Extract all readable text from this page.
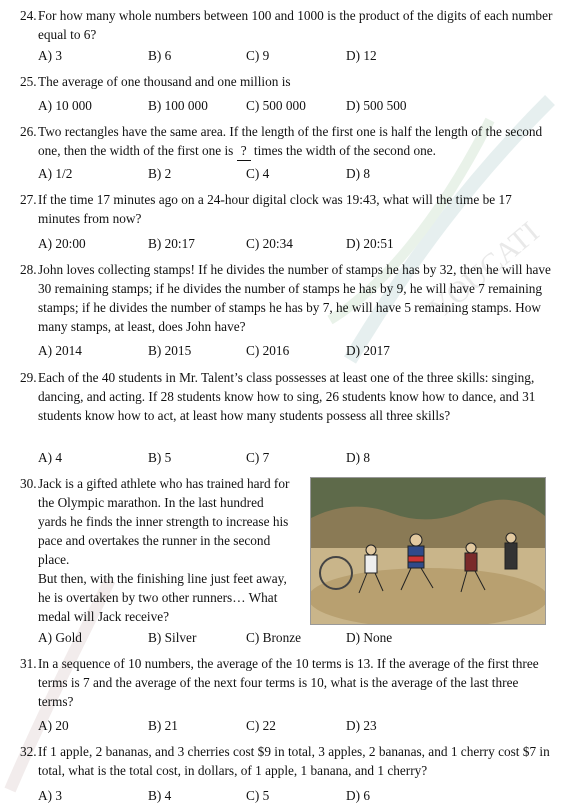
YOUCATI
24. For how many whole numbers between 100 and 1000 is the product of the digits of each number equal to 6?
A) 3	B) 6	C) 9	D) 12
25. The average of one thousand and one million is
A) 10 000	B) 100 000	C) 500 000	D) 500 500
26. Two rectangles have the same area. If the length of the first one is half the length of the second one, then the width of the first one is ? times the width of the second one.
A) 1/2	B) 2	C) 4	D) 8
27. If the time 17 minutes ago on a 24-hour digital clock was 19:43, what will the time be 17 minutes from now?
A) 20:00	B) 20:17	C) 20:34	D) 20:51
28. John loves collecting stamps! If he divides the number of stamps he has by 32, then he will have 30 remaining stamps; if he divides the number of stamps he has by 9, he will have 7 remaining stamps; if he divides the number of stamps he has by 7, he will have 5 remaining stamps. How many stamps, at least, does John have?
A) 2014	B) 2015	C) 2016	D) 2017
29. Each of the 40 students in Mr. Talent’s class possesses at least one of the three skills: singing, dancing, and acting. If 28 students know how to sing, 26 students know how to dance, and 31 students know how to act, at least how many students possess all three skills?
A) 4	B) 5	C) 7	D) 8
30. Jack is a gifted athlete who has trained hard for the Olympic marathon. In the last hundred yards he finds the inner strength to increase his pace and overtakes the runner in the second place.
But then, with the finishing line just feet away, he is overtaken by two other runners… What medal will Jack receive?
A) Gold	B) Silver	C) Bronze	D) None
31. In a sequence of 10 numbers, the average of the 10 terms is 13. If the average of the first three terms is 7 and the average of the next four terms is 10, what is the average of the last three terms?
A) 20	B) 21	C) 22	D) 23
32. If 1 apple, 2 bananas, and 3 cherries cost $9 in total, 3 apples, 2 bananas, and 1 cherry cost $7 in total, what is the total cost, in dollars, of 1 apple, 1 banana, and 1 cherry?
A) 3	B) 4	C) 5	D) 6
